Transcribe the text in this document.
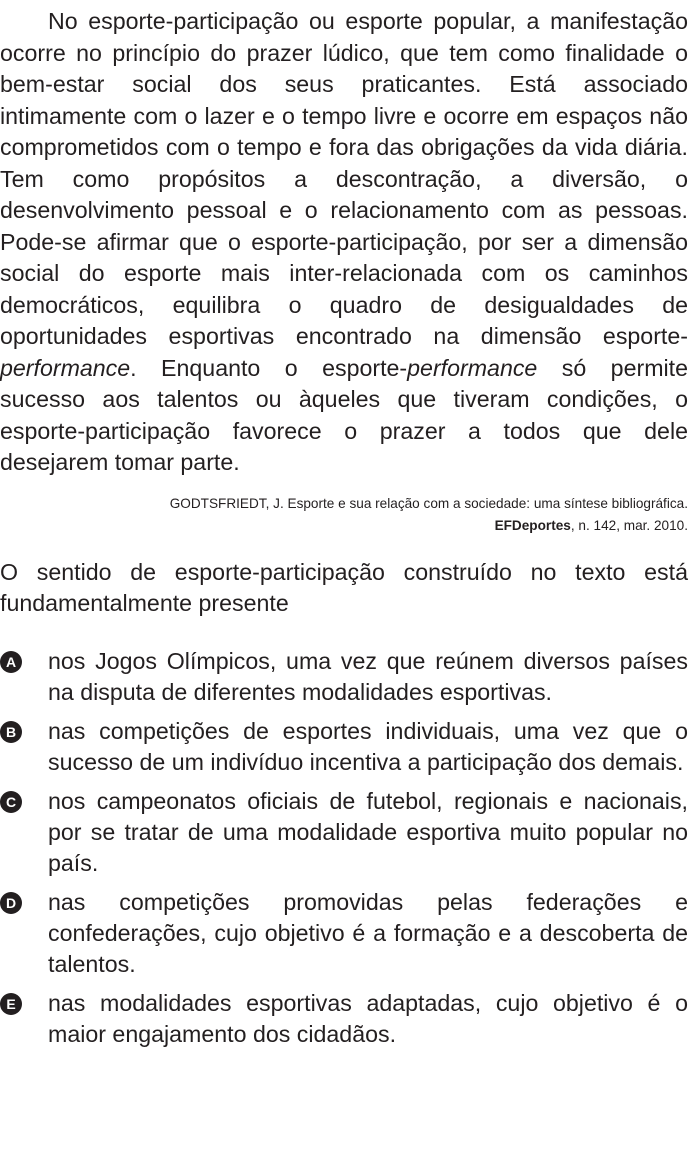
No esporte-participação ou esporte popular, a manifestação ocorre no princípio do prazer lúdico, que tem como finalidade o bem-estar social dos seus praticantes. Está associado intimamente com o lazer e o tempo livre e ocorre em espaços não comprometidos com o tempo e fora das obrigações da vida diária. Tem como propósitos a descontração, a diversão, o desenvolvimento pessoal e o relacionamento com as pessoas. Pode-se afirmar que o esporte-participação, por ser a dimensão social do esporte mais inter-relacionada com os caminhos democráticos, equilibra o quadro de desigualdades de oportunidades esportivas encontrado na dimensão esporte-performance. Enquanto o esporte-performance só permite sucesso aos talentos ou àqueles que tiveram condições, o esporte-participação favorece o prazer a todos que dele desejarem tomar parte.

GODTSFRIEDT, J. Esporte e sua relação com a sociedade: uma síntese bibliográfica.
EFDeportes, n. 142, mar. 2010.

O sentido de esporte-participação construído no texto está fundamentalmente presente

A nos Jogos Olímpicos, uma vez que reúnem diversos países na disputa de diferentes modalidades esportivas.
B nas competições de esportes individuais, uma vez que o sucesso de um indivíduo incentiva a participação dos demais.
C nos campeonatos oficiais de futebol, regionais e nacionais, por se tratar de uma modalidade esportiva muito popular no país.
D nas competições promovidas pelas federações e confederações, cujo objetivo é a formação e a descoberta de talentos.
E nas modalidades esportivas adaptadas, cujo objetivo é o maior engajamento dos cidadãos.
